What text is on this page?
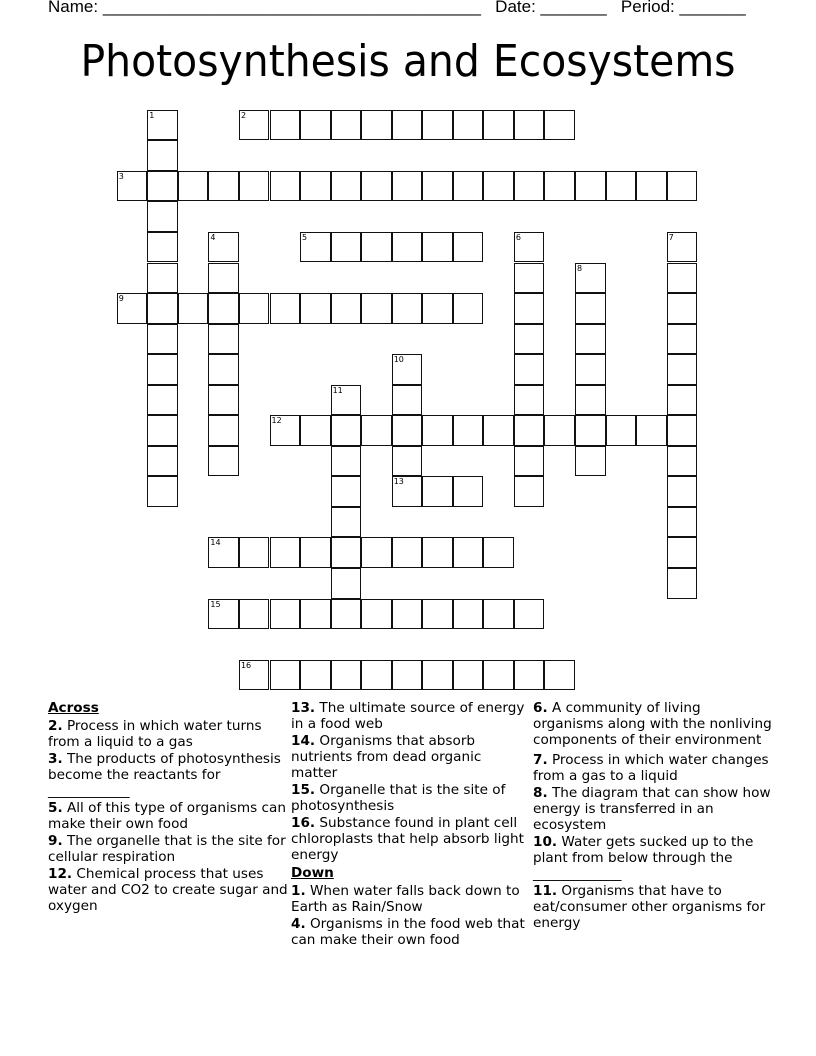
Name: ________________________________________ Date: _______ Period: _______
Photosynthesis and Ecosystems
1	2
3
4	5	6	7
8
9
10
13
11
12
14
15
16
Across
2. Process in which water turns from a liquid to a gas
3. The products of photosynthesis become the reactants for ____________
5. All of this type of organisms can make their own food
9. The organelle that is the site for cellular respiration
12. Chemical process that uses water and CO2 to create sugar and oxygen
13. The ultimate source of energy in a food web
14. Organisms that absorb nutrients from dead organic matter
15. Organelle that is the site of photosynthesis
16. Substance found in plant cell chloroplasts that help absorb light energy
Down
1. When water falls back down to Earth as Rain/Snow
4. Organisms in the food web that can make their own food
6. A community of living organisms along with the nonliving components of their environment
7. Process in which water changes from a gas to a liquid
8. The diagram that can show how energy is transferred in an ecosystem
10. Water gets sucked up to the plant from below through the _____________
11. Organisms that have to eat/consumer other organisms for energy
